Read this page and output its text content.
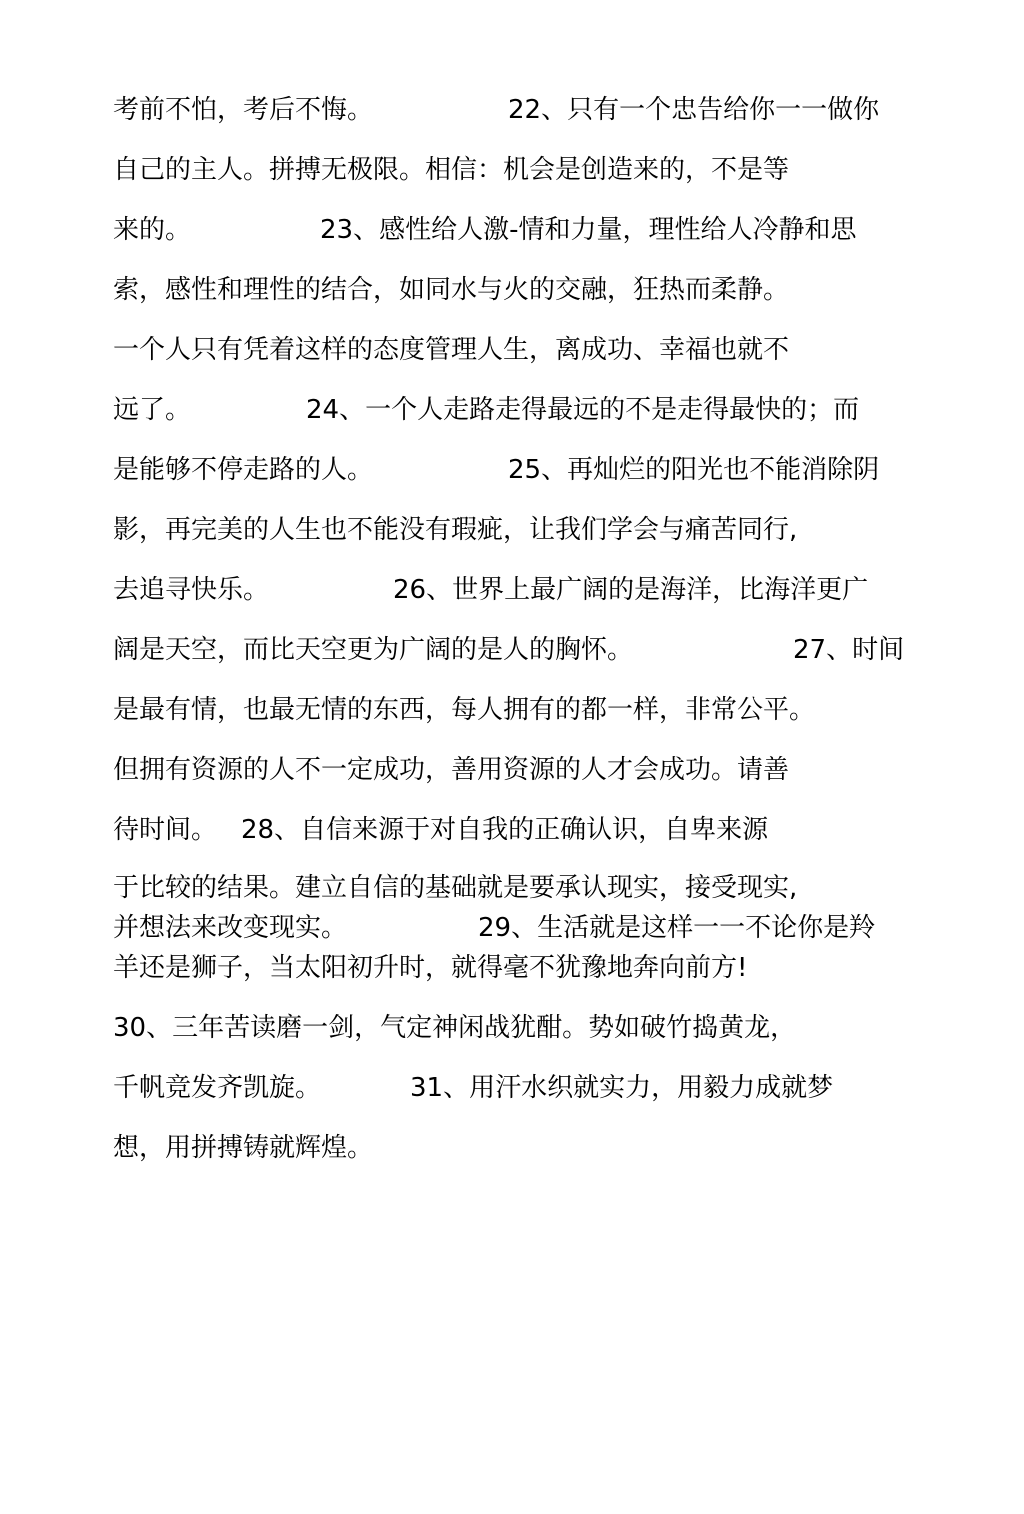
考前不怕，考后不悔。	22、只有一个忠告给你一一做你
自己的主人。拼搏无极限。相信：机会是创造来的，不是等
来的。	23、感性给人激-情和力量，理性给人冷静和思
索，感性和理性的结合，如同水与火的交融，狂热而柔静。
一个人只有凭着这样的态度管理人生，离成功、幸福也就不
远了。	24、一个人走路走得最远的不是走得最快的；而
是能够不停走路的人。	25、再灿烂的阳光也不能消除阴
影，再完美的人生也不能没有瑕疵，让我们学会与痛苦同行,
去追寻快乐。	26、世界上最广阔的是海洋，比海洋更广
阔是天空，而比天空更为广阔的是人的胸怀。	27、时间
是最有情，也最无情的东西，每人拥有的都一样，非常公平。
但拥有资源的人不一定成功，善用资源的人才会成功。请善
待时间。 28、自信来源于对自我的正确认识，自卑来源
于比较的结果。建立自信的基础就是要承认现实，接受现实,
并想法来改变现实。	29、生活就是这样一一不论你是羚
羊还是狮子，当太阳初升时，就得毫不犹豫地奔向前方!
30、三年苦读磨一剑，气定神闲战犹酣。势如破竹捣黄龙，
千帆竞发齐凯旋。	31、用汗水织就实力，用毅力成就梦
想，用拼搏铸就辉煌。
